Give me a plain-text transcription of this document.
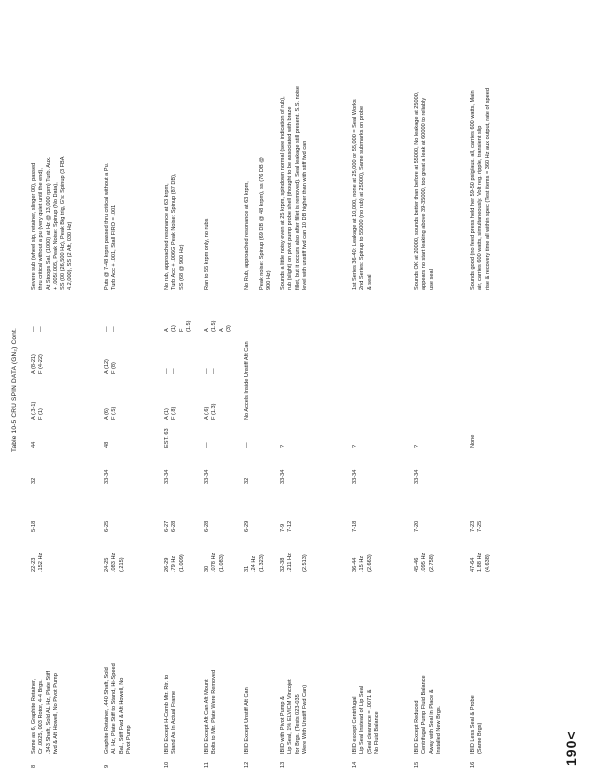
Table 10-5 CRU SPIN DATA (GN₂) Cont.
8
Same as 6, Graphite Retainer,
Cr .0025, 003 Rotor, 4-4 Brgs.
.343 Shaft, Sold AL Hz, Plate Stiff
fwd & Aft Howell, No Pivot Pump
22-23
.152 Hz
5-18
32
44
A (.3-1)
F (1)
A (8-21)
F (4-22)
—
—
Severe sub (wheel sip, retainer, slinger 00), passed
thru critical without a pu (very quiet until the end),
At Stoops Sal. (1000) at Hz @ 13,000 rpm) Turb. Aux.
+ .005/.005, Peak Noise: Spinup (No Data),
SS (00 (26,500 Hz), Peak Big trig, G's: Spinup (3 FBA
4.2,000), SS (2 Aft, 030 Hz)
9
Graphite Retainer, .440 Shaft, Sold
Al. Hz, Plate Stiff to Stand, Hi-Speed
Bal., Stiff Fwd & Aft Howell, No
Pivot Pump
24-25
.083 Hz
(.215)
6-25
33-34
48
A (6)
F (.5)
A (12)
F (8)
—
—
Puts @ 7-48 krpm passed thru critical without a Pu.
Turb Acc + .001, Stall FIRO = .001
10
IBID Except H-Comb Mtr. Rtr. to
Stand As In Actual Frame
26-29
.79 Hz
(1.009)
6-27
6-28
33-34
EST. 63
A (1)
F (.8)
—
—
A (1)
F (1.5)
No rub, approached resonance at 63 krpm,
Turb Acc + .006G Peak Noise: Spinup (87 DB),
SS (68 @ 900 Hz)
11
IBID Except Aft Can Aft Mount
Bolts to Mtr. Plate Were Removed
30
.078 Hz
(1.083)
6-28
33-34
—
A (.6)
F (1.3)
—
—
A (1.5)
A (3)
Ran to 55 krpm only, no rubs
12
IBID Except Unstiff Aft Can
31
.24 Hz
(1.323)
6-29
32
—
No Accels Inside Unstiff Aft Can
No Rub, approached resonance at 63 krpm,

Peak noise: Spinup (69 DB @ 48 krpm), ss (76 DB @
900 Hz)
13
IBID with Pivot Pump &
Lip Seal, 1% ELVICM Vincojet
for Brgs. (Tests 023-035
Were With Unstiff Fwd Can)
32-38
.211 Hz

(2.513)
7-9
7-12
33-34
?
Sounds a little noisy even at 25 krpm, spindown normal (see indication of rub),
rub (slight) on pivot pump probe shell (thought to be associated with braze
fillet, but it occurs also after fillet is removed). Seal leakage still present. S.S. noise
level with unstiff fwd can 10 DB higher than with stiff fwd can
14
IBID except Centrifugal
Lip Seal Instead of Lip Seal
(Seal clearance = .0071 &
No Fluid Balance
36-44
.15 Hz
(2.663)
7-18
33-34
?
1st Series 36-40: Leakage at 10,000, none at 25,000 or 55,000 = Seal Works
2nd Series: Spinup to 55000 (no rub) at 25000), Same submarks on probe
& seal
15
IBID Except Reduced
Centrifugal Pump Fluid Balance
Away with Seal in Place &
Installed New Brgs.
45-46
.095 Hz
(2.758)
7-20
33-34
?
Sounds OK at 20000, sounds better than before at 55000, No leakage at 25000,
appears no start leaking above 39-35000, too great a leak at 60000 to reliably
use seal
16
IBID Less Seal & Probe
(Same Brgs)
47-64
1.88 Hz
(4.638)
7-23
7-25
None
Sounds good (no feed press held her 59-50 psig/aux. all, carries 600 watts, Main
air, carries 600 watts, simultaneously. Volt reg. ripple, transient slip
rise & recovery time all within spec (Test items = 360 Hz aux output, rate of speed
190<
